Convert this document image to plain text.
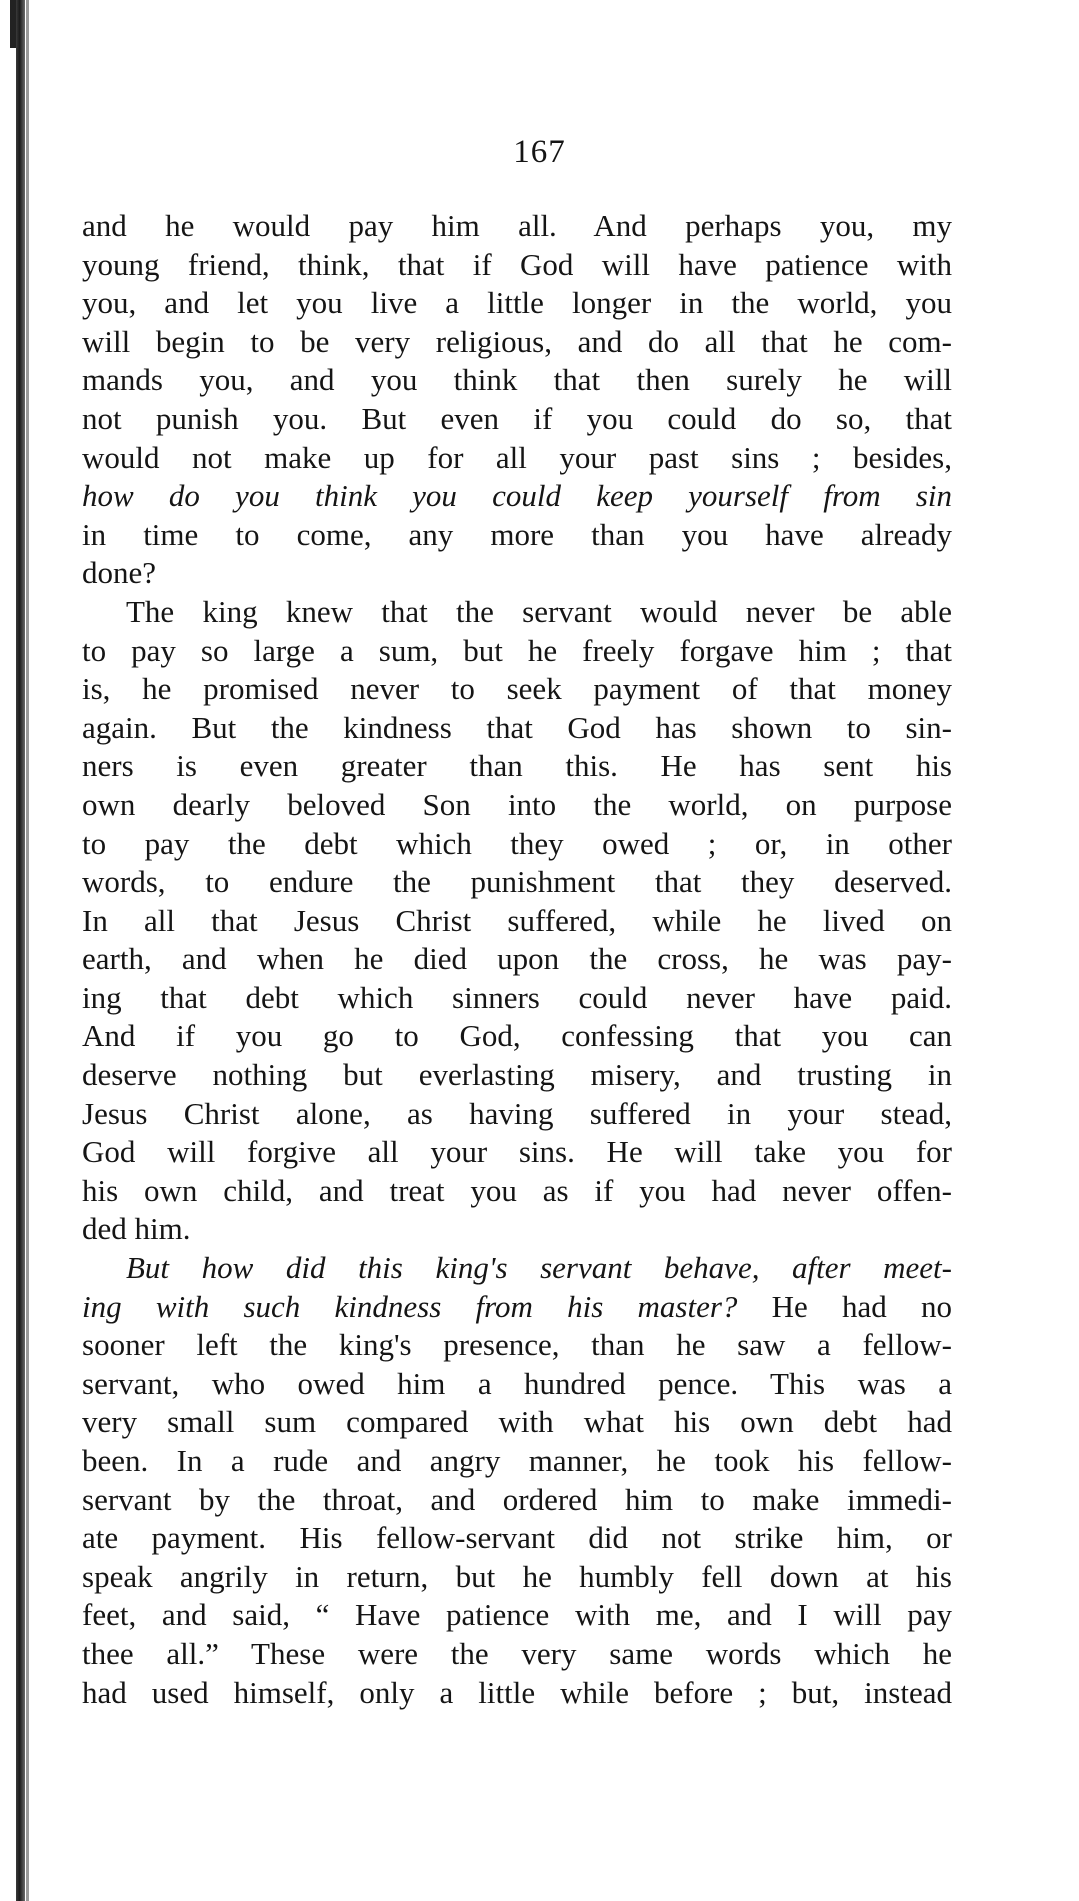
167
and he would pay him all. And perhaps you, my
young friend, think, that if God will have patience with
you, and let you live a little longer in the world, you
will begin to be very religious, and do all that he com-
mands you, and you think that then surely he will
not punish you. But even if you could do so, that
would not make up for all your past sins ; besides,
how do you think you could keep yourself from sin
in time to come, any more than you have already
done?
The king knew that the servant would never be able
to pay so large a sum, but he freely forgave him ; that
is, he promised never to seek payment of that money
again. But the kindness that God has shown to sin-
ners is even greater than this. He has sent his
own dearly beloved Son into the world, on purpose
to pay the debt which they owed ; or, in other
words, to endure the punishment that they deserved.
In all that Jesus Christ suffered, while he lived on
earth, and when he died upon the cross, he was pay-
ing that debt which sinners could never have paid.
And if you go to God, confessing that you can
deserve nothing but everlasting misery, and trusting in
Jesus Christ alone, as having suffered in your stead,
God will forgive all your sins. He will take you for
his own child, and treat you as if you had never offen-
ded him.
But how did this king's servant behave, after meet-
ing with such kindness from his master? He had no
sooner left the king's presence, than he saw a fellow-
servant, who owed him a hundred pence. This was a
very small sum compared with what his own debt had
been. In a rude and angry manner, he took his fellow-
servant by the throat, and ordered him to make immedi-
ate payment. His fellow-servant did not strike him, or
speak angrily in return, but he humbly fell down at his
feet, and said, “ Have patience with me, and I will pay
thee all.” These were the very same words which he
had used himself, only a little while before ; but, instead
